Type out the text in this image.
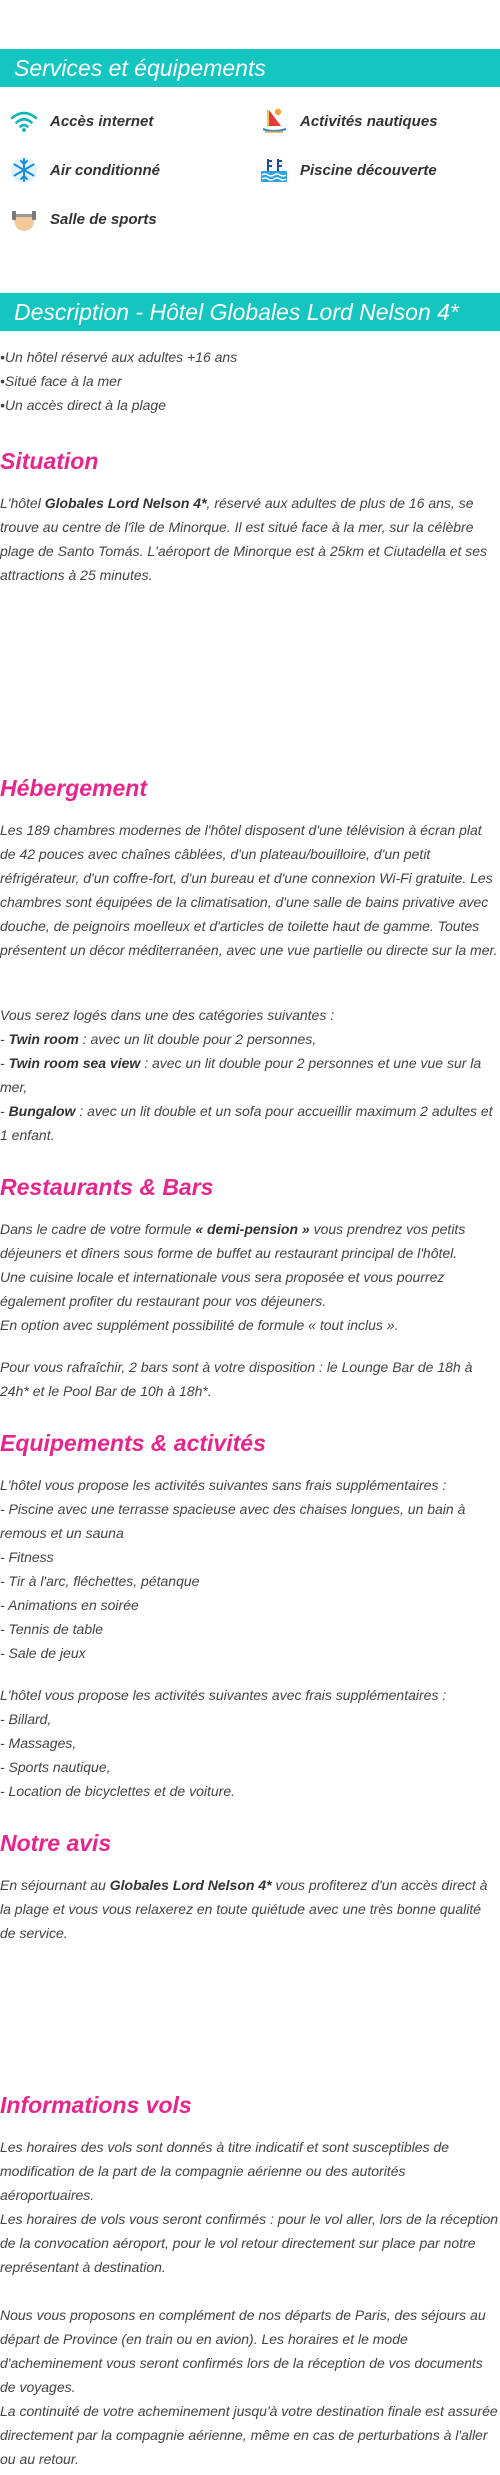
Services et équipements
Accès internet	Activités nautiques
Air conditionné	Piscine découverte
Salle de sports
Description - Hôtel Globales Lord Nelson 4*
• Un hôtel réservé aux adultes +16 ans
• Situé face à la mer
• Un accès direct à la plage
Situation

L'hôtel Globales Lord Nelson 4*, réservé aux adultes de plus de 16 ans, se trouve au centre de l'île de Minorque. Il est situé face à la mer, sur la célèbre plage de Santo Tomás. L'aéroport de Minorque est à 25km et Ciutadella et ses attractions à 25 minutes.

Hébergement

Les 189 chambres modernes de l'hôtel disposent d'une télévision à écran plat de 42 pouces avec chaînes câblées, d'un plateau/bouilloire, d'un petit réfrigérateur, d'un coffre-fort, d'un bureau et d'une connexion Wi-Fi gratuite. Les chambres sont équipées de la climatisation, d'une salle de bains privative avec douche, de peignoirs moelleux et d'articles de toilette haut de gamme. Toutes présentent un décor méditerranéen, avec une vue partielle ou directe sur la mer.

Vous serez logés dans une des catégories suivantes :
- Twin room : avec un lit double pour 2 personnes,
- Twin room sea view : avec un lit double pour 2 personnes et une vue sur la mer,
- Bungalow : avec un lit double et un sofa pour accueillir maximum 2 adultes et 1 enfant.

Restaurants & Bars

Dans le cadre de votre formule « demi-pension » vous prendrez vos petits déjeuners et dîners sous forme de buffet au restaurant principal de l'hôtel.
Une cuisine locale et internationale vous sera proposée et vous pourrez également profiter du restaurant pour vos déjeuners.
En option avec supplément possibilité de formule « tout inclus ».

Pour vous rafraîchir, 2 bars sont à votre disposition : le Lounge Bar de 18h à 24h* et le Pool Bar de 10h à 18h*.

Equipements & activités

L'hôtel vous propose les activités suivantes sans frais supplémentaires :
- Piscine avec une terrasse spacieuse avec des chaises longues, un bain à remous et un sauna
- Fitness
- Tir à l'arc, fléchettes, pétanque
- Animations en soirée
- Tennis de table
- Sale de jeux

L'hôtel vous propose les activités suivantes avec frais supplémentaires :
- Billard,
- Massages,
- Sports nautique,
- Location de bicyclettes et de voiture.

Notre avis

En séjournant au Globales Lord Nelson 4* vous profiterez d'un accès direct à la plage et vous vous relaxerez en toute quiétude avec une très bonne qualité de service.

Informations vols

Les horaires des vols sont donnés à titre indicatif et sont susceptibles de modification de la part de la compagnie aérienne ou des autorités aéroportuaires.
Les horaires de vols vous seront confirmés : pour le vol aller, lors de la réception de la convocation aéroport, pour le vol retour directement sur place par notre représentant à destination.

Nous vous proposons en complément de nos départs de Paris, des séjours au départ de Province (en train ou en avion). Les horaires et le mode d'acheminement vous seront confirmés lors de la réception de vos documents de voyages.
La continuité de votre acheminement jusqu'à votre destination finale est assurée directement par la compagnie aérienne, même en cas de perturbations à l'aller ou au retour.
